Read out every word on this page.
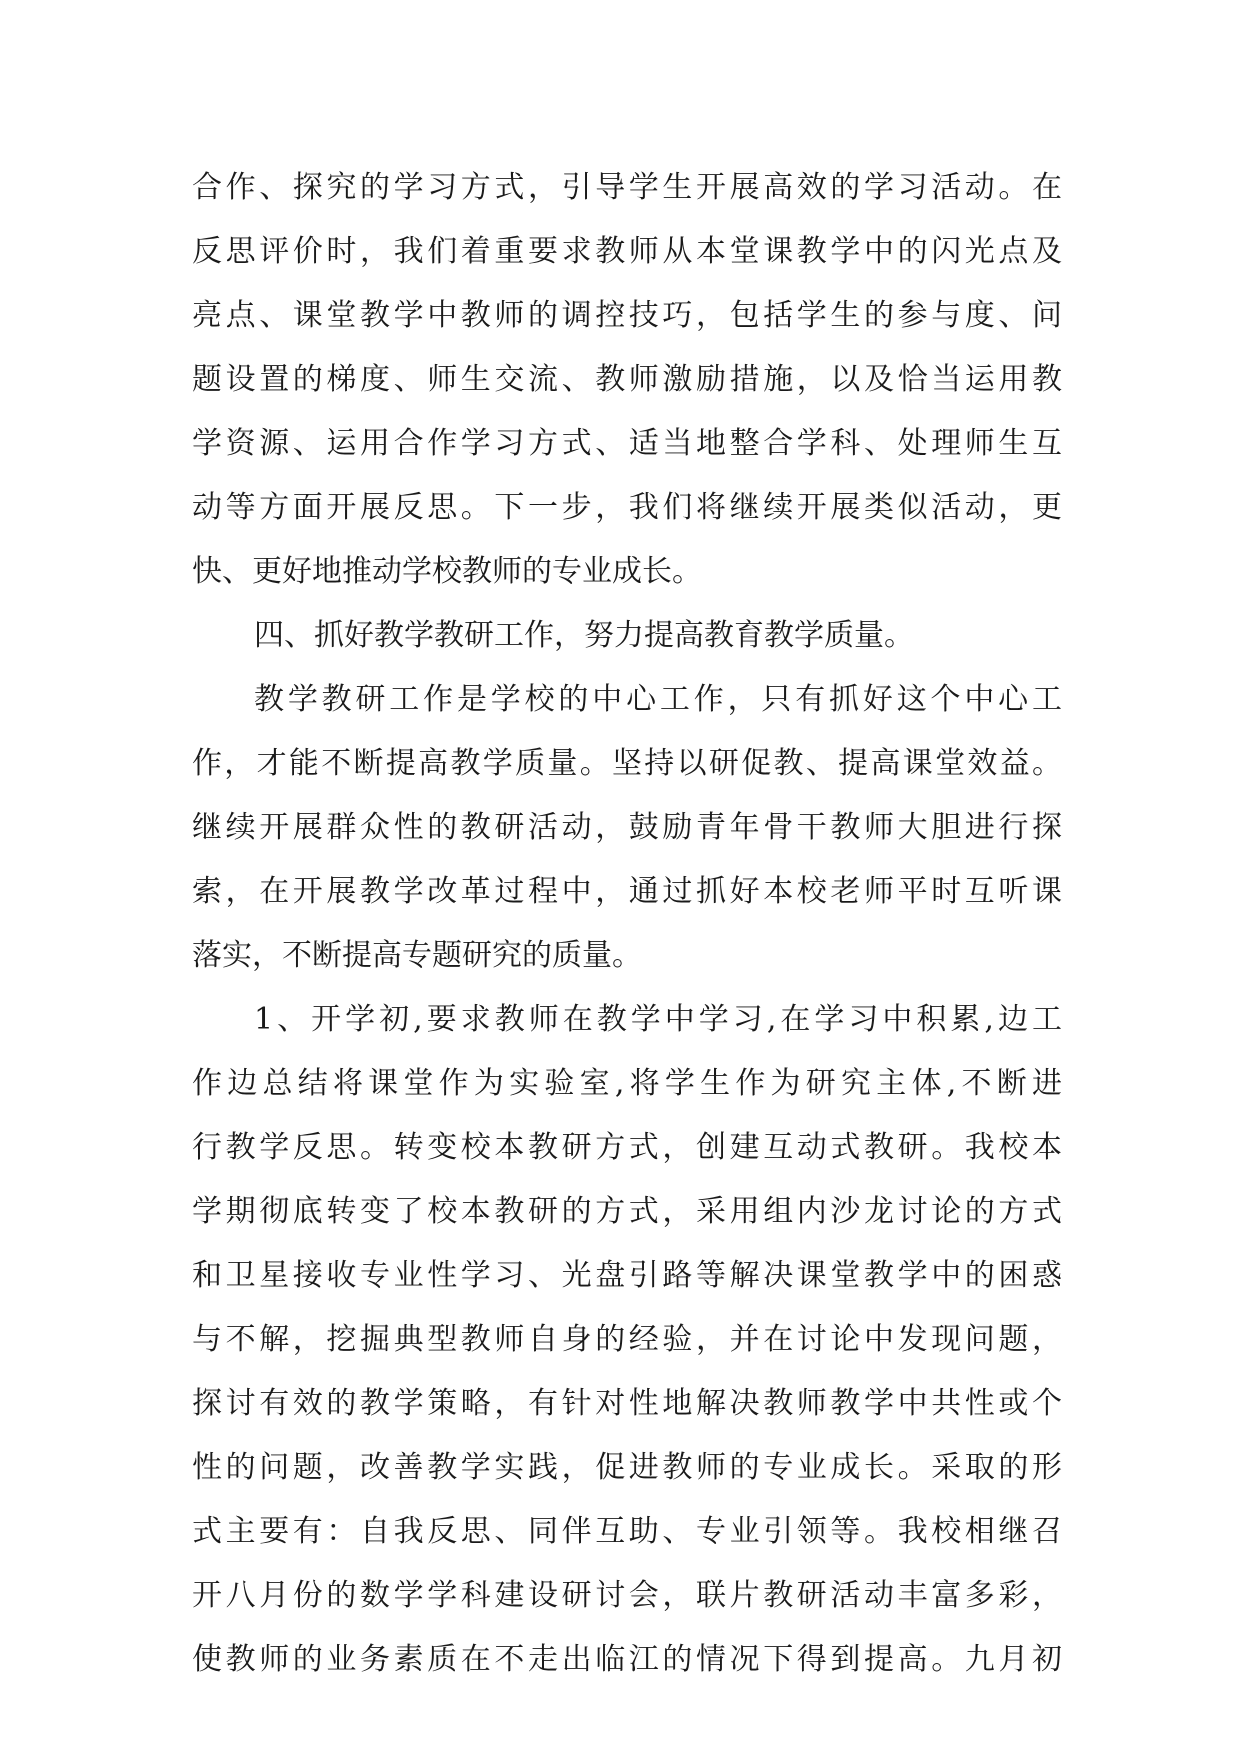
合作、探究的学习方式，引导学生开展高效的学习活动。在
反思评价时，我们着重要求教师从本堂课教学中的闪光点及
亮点、课堂教学中教师的调控技巧，包括学生的参与度、问
题设置的梯度、师生交流、教师激励措施，以及恰当运用教
学资源、运用合作学习方式、适当地整合学科、处理师生互
动等方面开展反思。下一步，我们将继续开展类似活动，更
快、更好地推动学校教师的专业成长。
四、抓好教学教研工作，努力提高教育教学质量。
教学教研工作是学校的中心工作，只有抓好这个中心工
作，才能不断提高教学质量。坚持以研促教、提高课堂效益。
继续开展群众性的教研活动，鼓励青年骨干教师大胆进行探
索，在开展教学改革过程中，通过抓好本校老师平时互听课
落实，不断提高专题研究的质量。
1、开学初,要求教师在教学中学习,在学习中积累,边工
作边总结将课堂作为实验室,将学生作为研究主体,不断进
行教学反思。转变校本教研方式，创建互动式教研。我校本
学期彻底转变了校本教研的方式，采用组内沙龙讨论的方式
和卫星接收专业性学习、光盘引路等解决课堂教学中的困惑
与不解，挖掘典型教师自身的经验，并在讨论中发现问题，
探讨有效的教学策略，有针对性地解决教师教学中共性或个
性的问题，改善教学实践，促进教师的专业成长。采取的形
式主要有：自我反思、同伴互助、专业引领等。我校相继召
开八月份的数学学科建设研讨会，联片教研活动丰富多彩，
使教师的业务素质在不走出临江的情况下得到提高。九月初
